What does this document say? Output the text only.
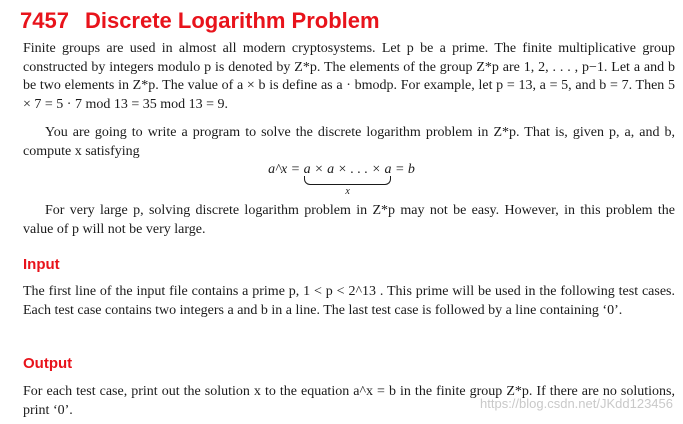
7457 Discrete Logarithm Problem

Finite groups are used in almost all modern cryptosystems. Let p be a prime. The finite multiplicative group constructed by integers modulo p is denoted by Z*p. The elements of the group Z*p are 1, 2, . . . , p−1. Let a and b be two elements in Z*p. The value of a × b is define as a · bmodp. For example, let p = 13, a = 5, and b = 7. Then 5 × 7 = 5 · 7 mod 13 = 35 mod 13 = 9.

You are going to write a program to solve the discrete logarithm problem in Z*p. That is, given p, a, and b, compute x satisfying

a^x = a × a × . . . × a
x
= b

For very large p, solving discrete logarithm problem in Z*p may not be easy. However, in this problem the value of p will not be very large.

Input

The first line of the input file contains a prime p, 1 < p < 2^13 . This prime will be used in the following test cases. Each test case contains two integers a and b in a line. The last test case is followed by a line containing ‘0’.

Output

For each test case, print out the solution x to the equation a^x = b in the finite group Z*p. If there are no solutions, print ‘0’.	https://blog.csdn.net/JKdd123456
